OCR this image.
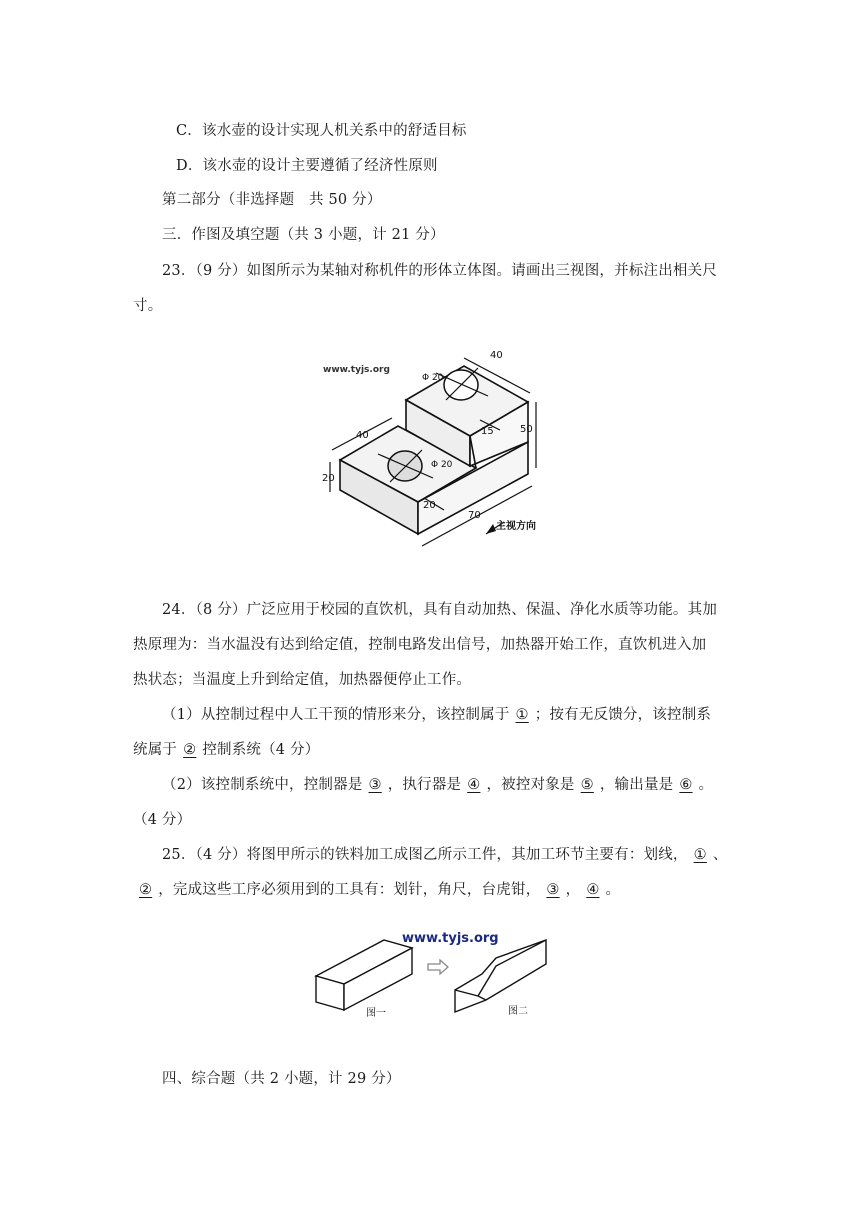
C．该水壶的设计实现人机关系中的舒适目标
D．该水壶的设计主要遵循了经济性原则
第二部分（非选择题　共 50 分）
三．作图及填空题（共 3 小题，计 21 分）
23．（9 分）如图所示为某轴对称机件的形体立体图。请画出三视图，并标注出相关尺
寸。
www.tyjs.org
40
Φ 20
15	50
40
Φ 20
20
20
70
主视方向
24．（8 分）广泛应用于校园的直饮机，具有自动加热、保温、净化水质等功能。其加
热原理为：当水温没有达到给定值，控制电路发出信号，加热器开始工作，直饮机进入加
热状态；当温度上升到给定值，加热器便停止工作。
（1）从控制过程中人工干预的情形来分，该控制属于 ① ；按有无反馈分，该控制系
统属于 ② 控制系统（4 分）
（2）该控制系统中，控制器是 ③ ，执行器是 ④ ，被控对象是 ⑤ ，输出量是 ⑥ 。
（4 分）
25．（4 分）将图甲所示的铁料加工成图乙所示工件，其加工环节主要有：划线， ① 、
② ，完成这些工序必须用到的工具有：划针，角尺，台虎钳， ③ ， ④ 。
www.tyjs.org
图一	图二
四、综合题（共 2 小题，计 29 分）
